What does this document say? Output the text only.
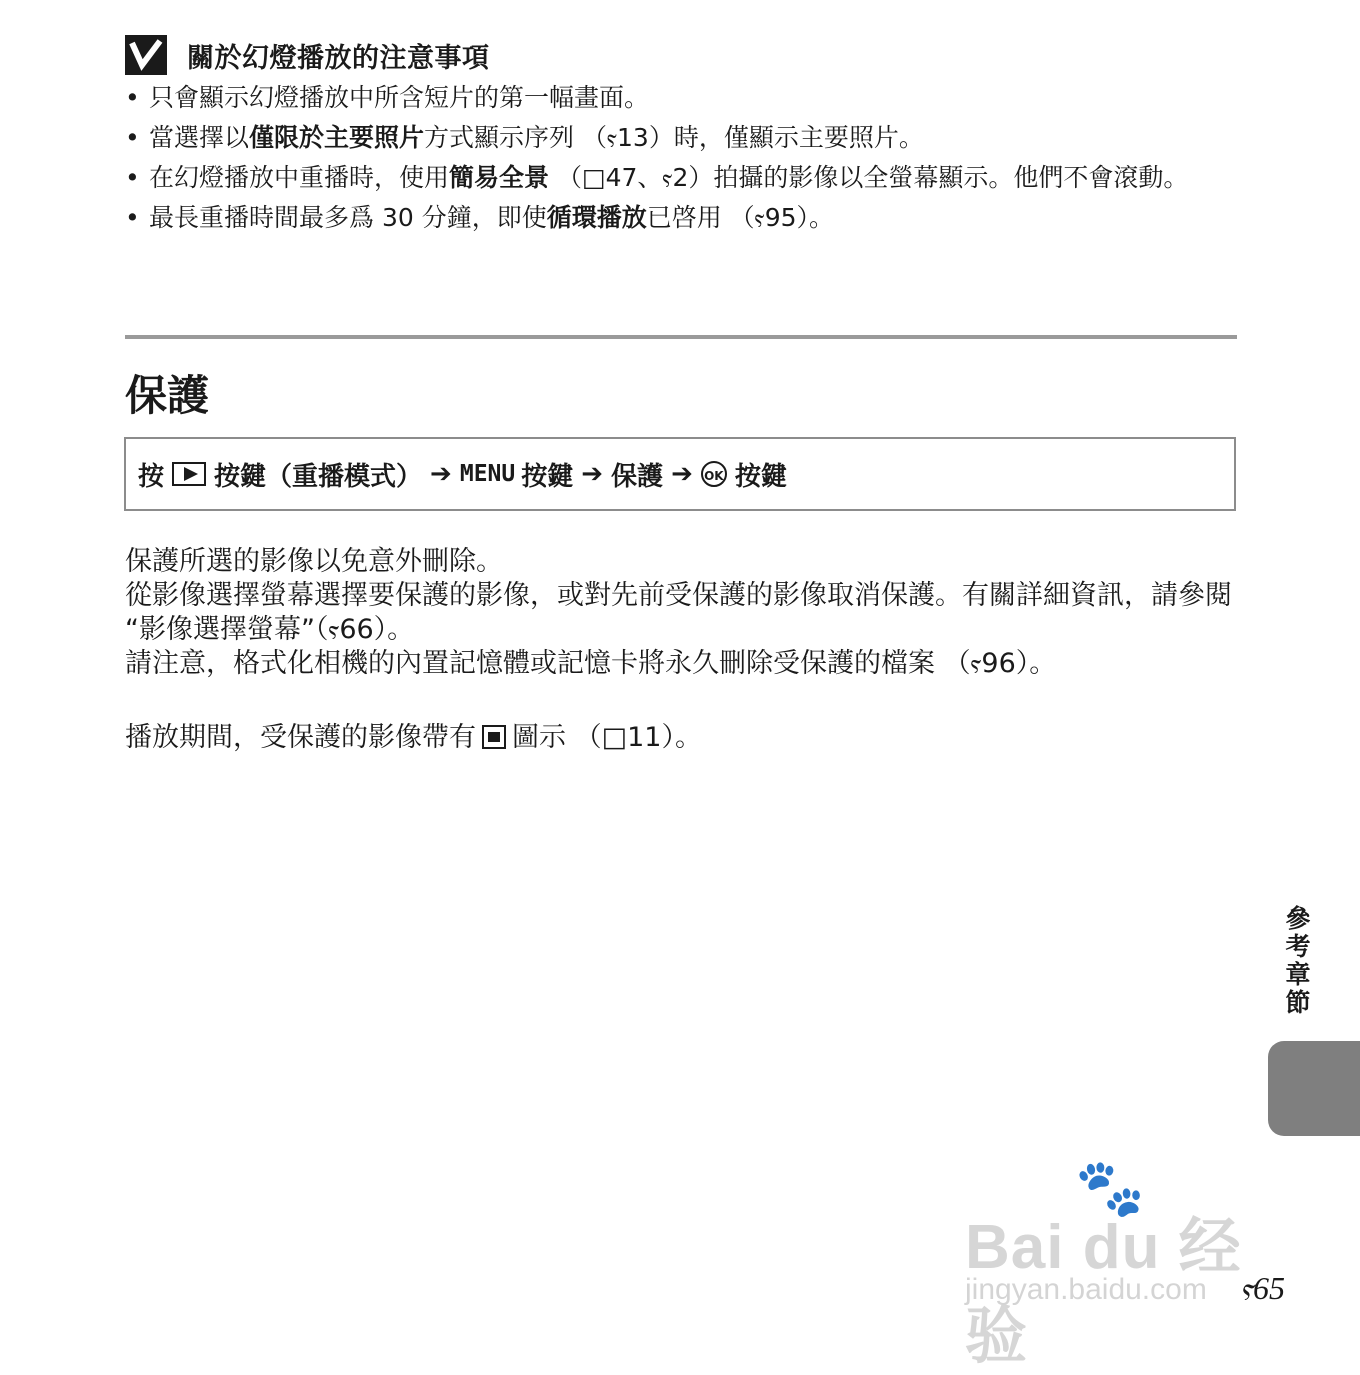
關於幻燈播放的注意事項
• 只會顯示幻燈播放中所含短片的第一幅畫面。
• 當選擇以僅限於主要照片方式顯示序列 （ⲋ13）時，僅顯示主要照片。
• 在幻燈播放中重播時，使用簡易全景 （□47、ⲋ2）拍攝的影像以全螢幕顯示。他們不會滾動。
• 最長重播時間最多爲 30 分鐘，即使循環播放已啓用 （ⲋ95）。
保護
按 按鍵 （重播模式） ➔ MENU 按鍵 ➔ 保護 ➔ OK 按鍵

保護所選的影像以免意外刪除。

從影像選擇螢幕選擇要保護的影像，或對先前受保護的影像取消保護。有關詳細資訊，請參閱 “影像選擇螢幕”（ⲋ66）。

請注意，格式化相機的內置記憶體或記憶卡將永久刪除受保護的檔案 （ⲋ96）。

播放期間，受保護的影像帶有 圖示 （□11）。

參考章節
🐾
Bai du 经验
jingyan.baidu.com ⲋ65
